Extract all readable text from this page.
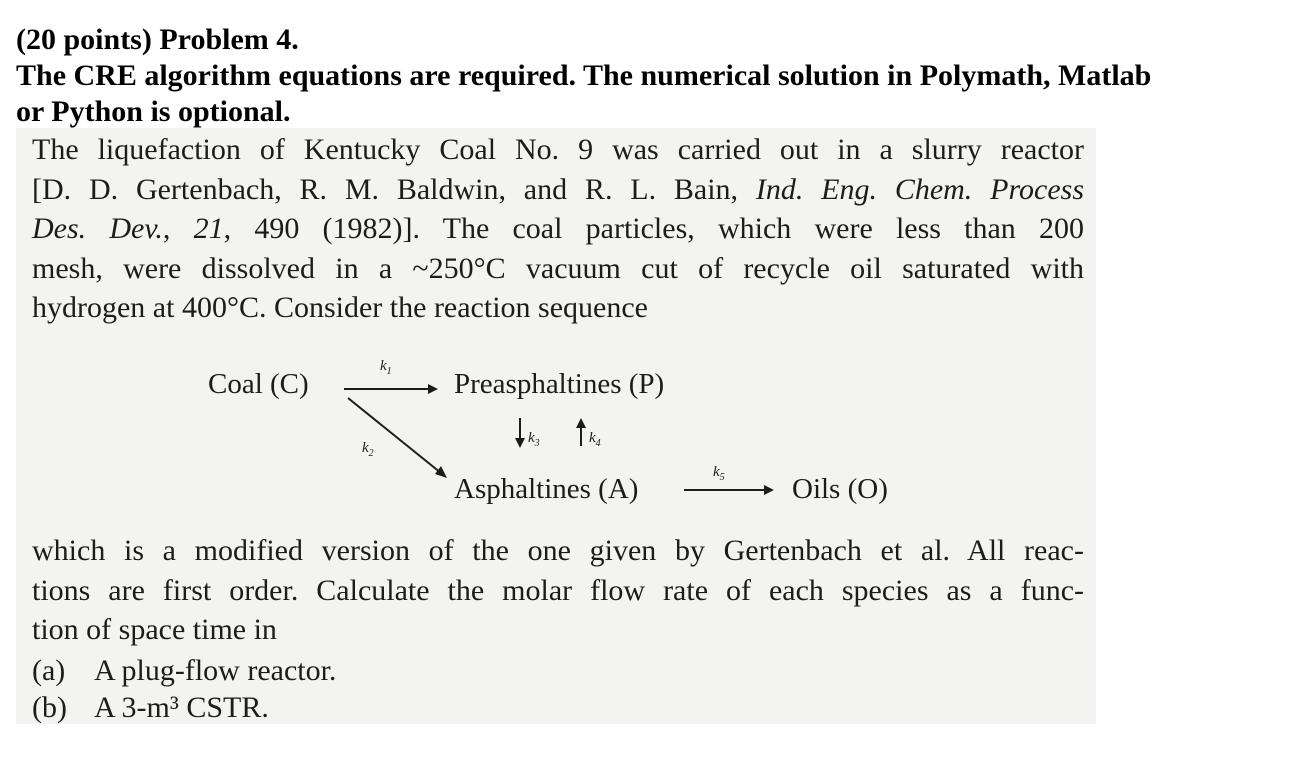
(20 points) Problem 4.
The CRE algorithm equations are required. The numerical solution in Polymath, Matlab
or Python is optional.
The liquefaction of Kentucky Coal No. 9 was carried out in a slurry reactor
[D. D. Gertenbach, R. M. Baldwin, and R. L. Bain, Ind. Eng. Chem. Process
Des. Dev., 21, 490 (1982)]. The coal particles, which were less than 200
mesh, were dissolved in a ~250°C vacuum cut of recycle oil saturated with
hydrogen at 400°C. Consider the reaction sequence
Coal (C)	Preasphaltines (P)
Asphaltines (A)	Oils (O)
$k_1$
$k_2$
$k_3$	$k_4$
$k_5$
which is a modified version of the one given by Gertenbach et al. All reac-
tions are first order. Calculate the molar flow rate of each species as a func-
tion of space time in
(a) A plug-flow reactor.
(b) A 3-m³ CSTR.
